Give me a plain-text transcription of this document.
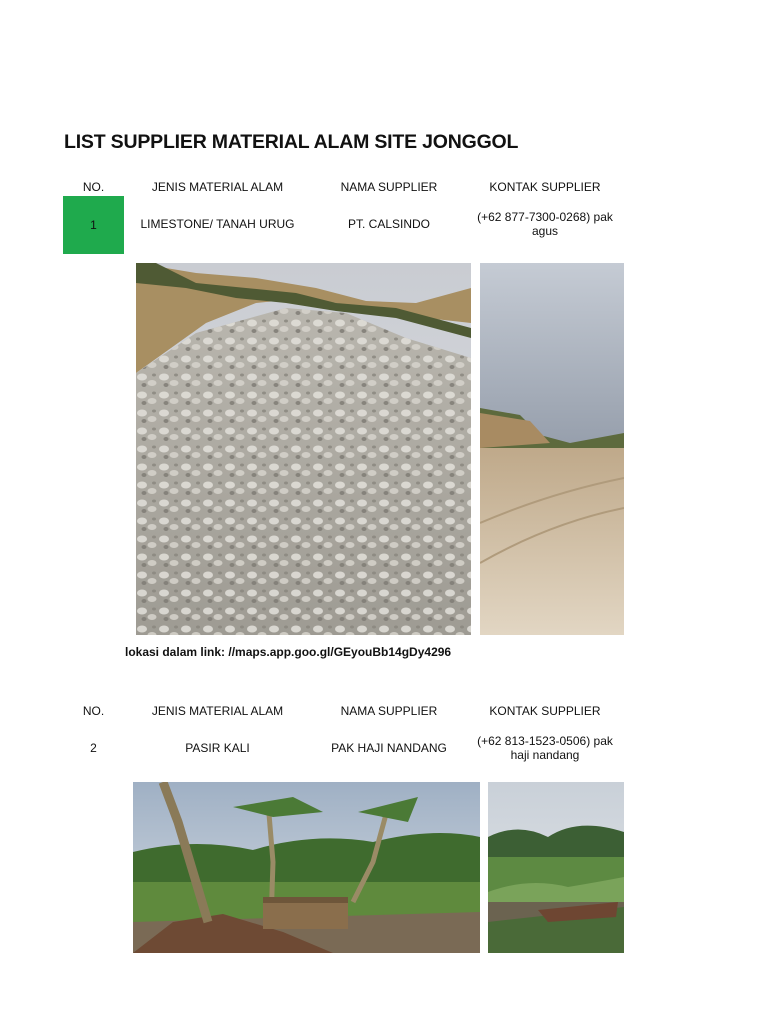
LIST SUPPLIER MATERIAL ALAM SITE JONGGOL
NO.	JENIS MATERIAL ALAM	NAMA SUPPLIER	KONTAK SUPPLIER
1	LIMESTONE/ TANAH URUG	PT. CALSINDO	(+62 877-7300-0268) pak
agus
lokasi dalam link: //maps.app.goo.gl/GEyouBb14gDy4296
NO.	JENIS MATERIAL ALAM	NAMA SUPPLIER	KONTAK SUPPLIER
2	PASIR KALI	PAK HAJI NANDANG	(+62 813-1523-0506) pak
haji nandang
